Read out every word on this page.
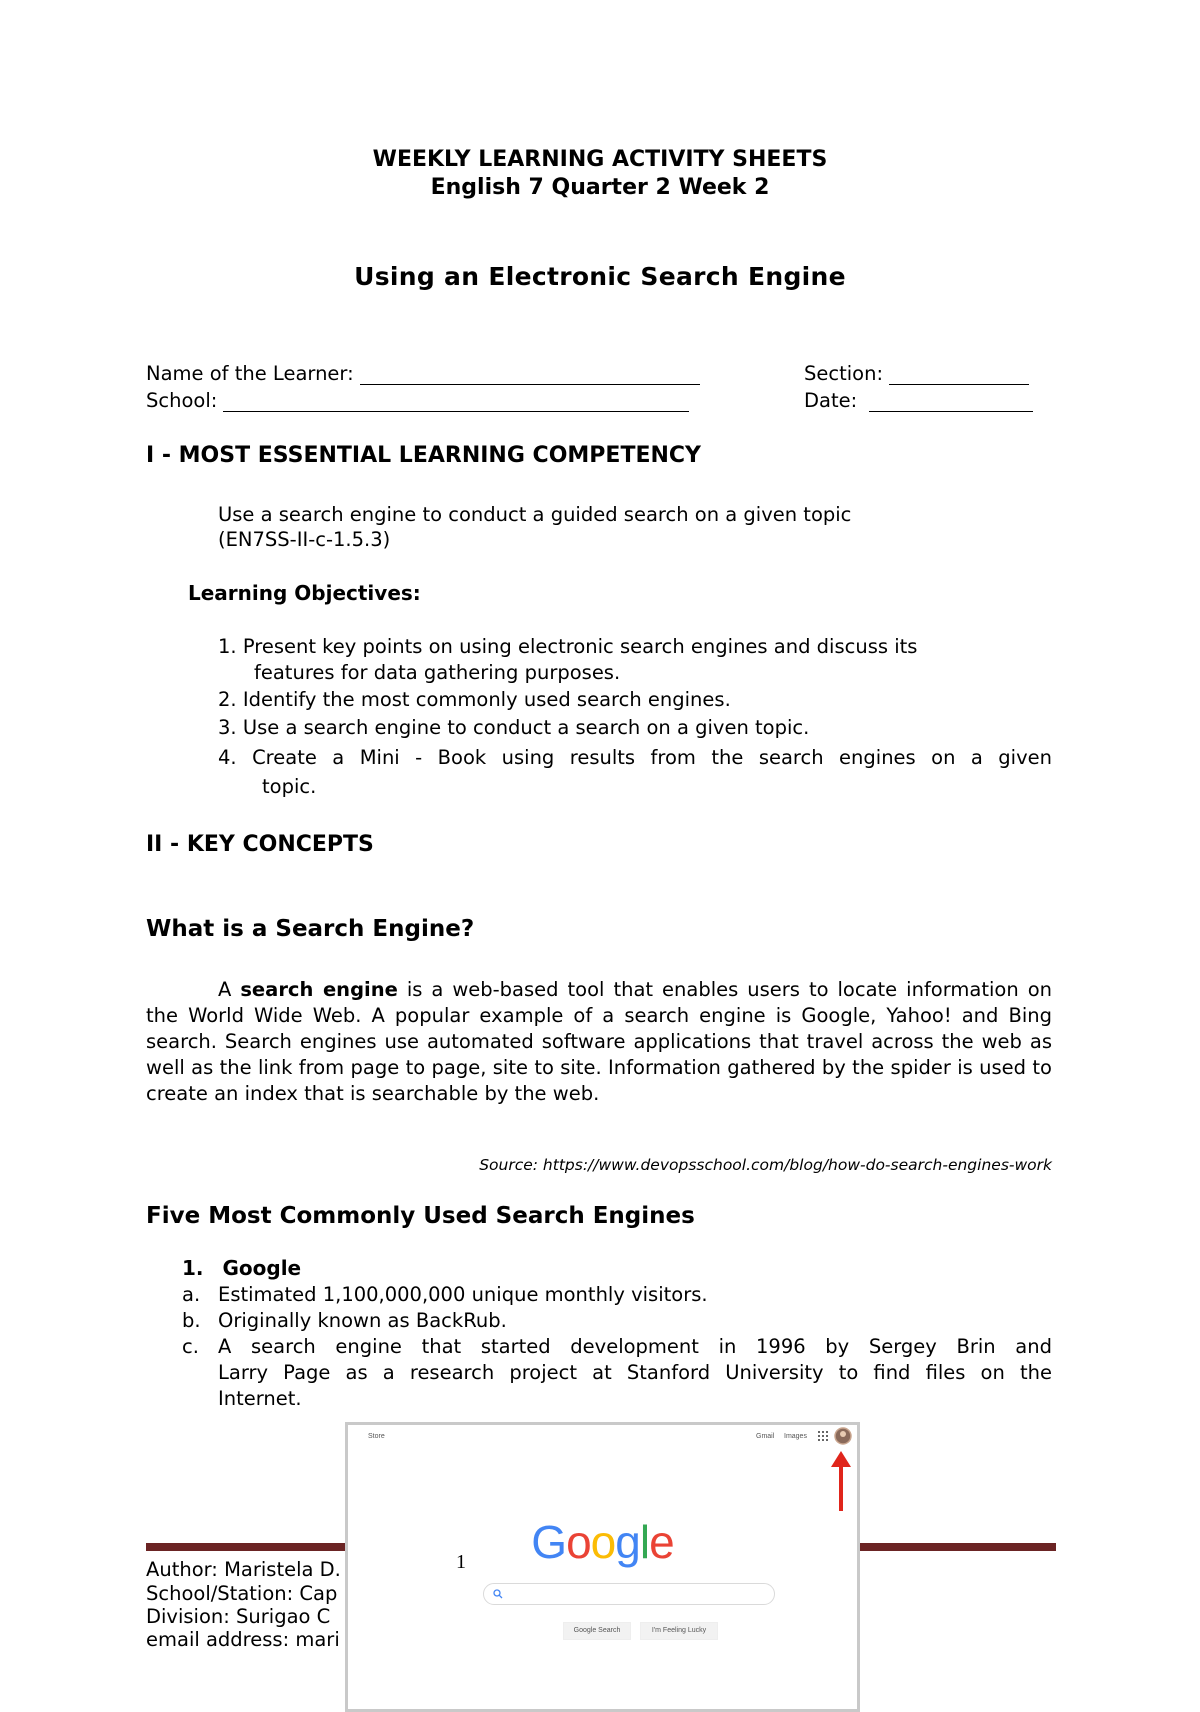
WEEKLY LEARNING ACTIVITY SHEETS
English 7 Quarter 2 Week 2
Using an Electronic Search Engine
Name of the Learner:	Section:
School:	Date:
I - MOST ESSENTIAL LEARNING COMPETENCY
Use a search engine to conduct a guided search on a given topic
(EN7SS-II-c-1.5.3)
Learning Objectives:
1. Present key points on using electronic search engines and discuss its
features for data gathering purposes.
2. Identify the most commonly used search engines.
3. Use a search engine to conduct a search on a given topic.
4. Create a Mini - Book using results from the search engines on a given
topic.
II - KEY CONCEPTS
What is a Search Engine?
A search engine is a web-based tool that enables users to locate information on the World Wide Web. A popular example of a search engine is Google, Yahoo! and Bing search. Search engines use automated software applications that travel across the web as well as the link from page to page, site to site. Information gathered by the spider is used to create an index that is searchable by the web.
Source: https://www.devopsschool.com/blog/how-do-search-engines-work
Five Most Commonly Used Search Engines
1. Google
a. Estimated 1,100,000,000 unique monthly visitors.
b. Originally known as BackRub.
c. A search engine that started development in 1996 by Sergey Brin and
Larry Page as a research project at Stanford University to find files on the
Internet.
Author: Maristela D.
School/Station: Cap
Division: Surigao C
email address: mari
Store	Gmail Images
Google
Google Search	I'm Feeling Lucky
1
